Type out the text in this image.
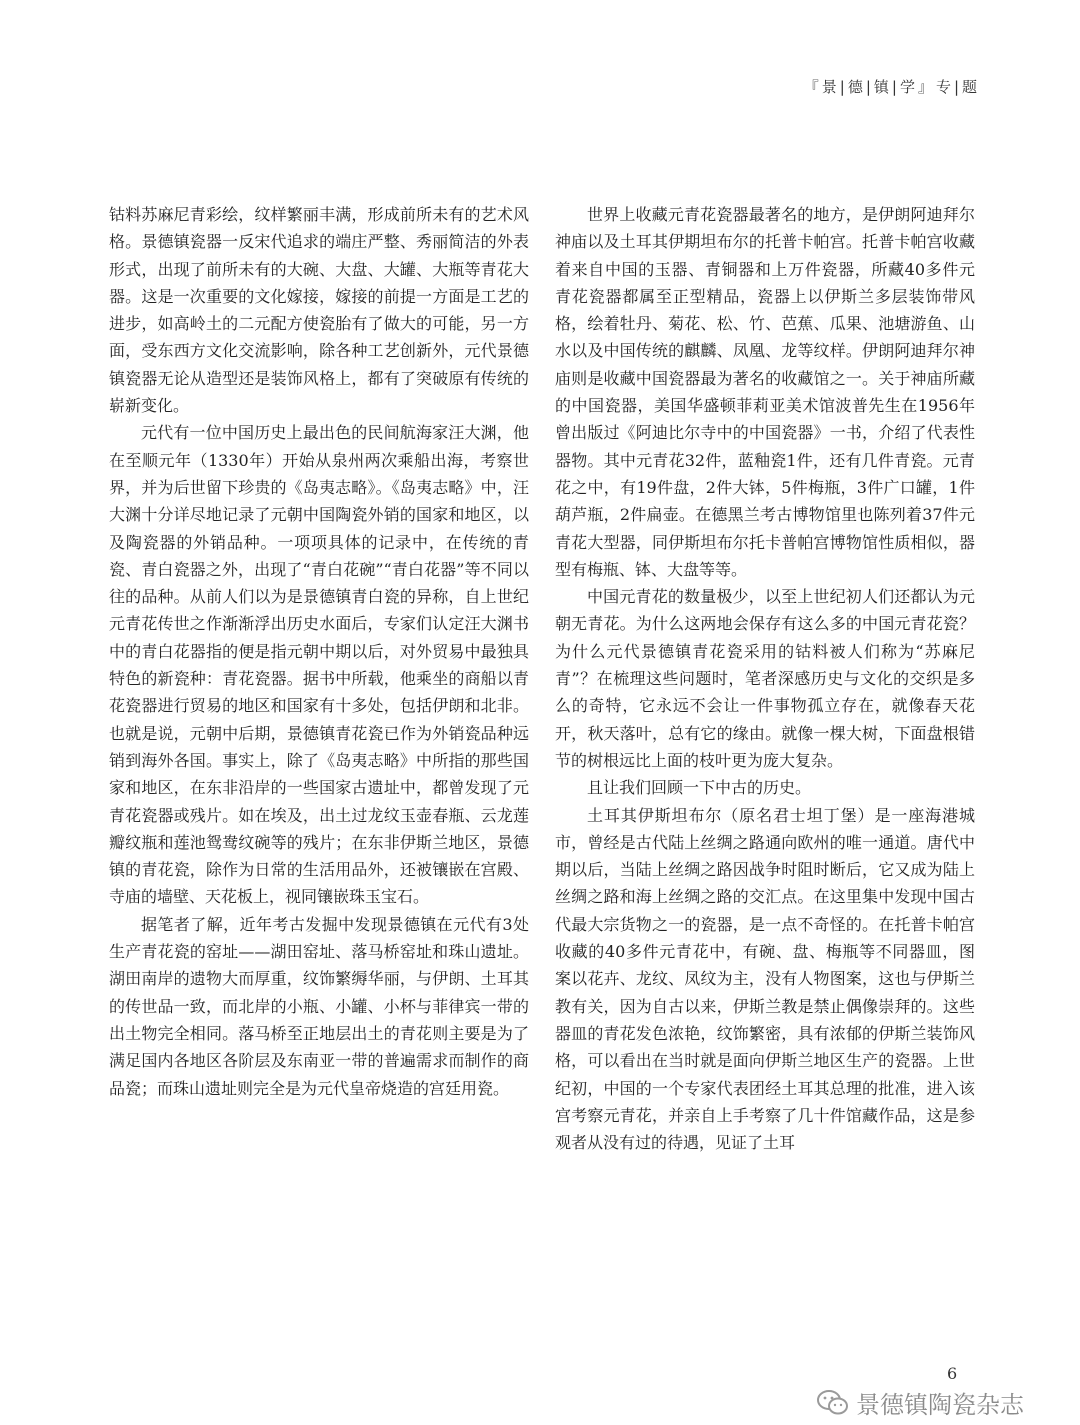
『景|德|镇|学』专|题

钴料苏麻尼青彩绘，纹样繁丽丰满，形成前所未有的艺术风格。景德镇瓷器一反宋代追求的端庄严整、秀丽简洁的外表形式，出现了前所未有的大碗、大盘、大罐、大瓶等青花大器。这是一次重要的文化嫁接，嫁接的前提一方面是工艺的进步，如高岭土的二元配方使瓷胎有了做大的可能，另一方面，受东西方文化交流影响，除各种工艺创新外，元代景德镇瓷器无论从造型还是装饰风格上，都有了突破原有传统的崭新变化。

元代有一位中国历史上最出色的民间航海家汪大渊，他在至顺元年（1330年）开始从泉州两次乘船出海，考察世界，并为后世留下珍贵的《岛夷志略》。《岛夷志略》中，汪大渊十分详尽地记录了元朝中国陶瓷外销的国家和地区，以及陶瓷器的外销品种。一项项具体的记录中，在传统的青瓷、青白瓷器之外，出现了“青白花碗”“青白花器”等不同以往的品种。从前人们以为是景德镇青白瓷的异称，自上世纪元青花传世之作渐渐浮出历史水面后，专家们认定汪大渊书中的青白花器指的便是指元朝中期以后，对外贸易中最独具特色的新瓷种：青花瓷器。据书中所载，他乘坐的商船以青花瓷器进行贸易的地区和国家有十多处，包括伊朗和北非。也就是说，元朝中后期，景德镇青花瓷已作为外销瓷品种远销到海外各国。事实上，除了《岛夷志略》中所指的那些国家和地区，在东非沿岸的一些国家古遗址中，都曾发现了元青花瓷器或残片。如在埃及，出土过龙纹玉壶春瓶、云龙莲瓣纹瓶和莲池鸳鸯纹碗等的残片；在东非伊斯兰地区，景德镇的青花瓷，除作为日常的生活用品外，还被镶嵌在宫殿、寺庙的墙壁、天花板上，视同镶嵌珠玉宝石。

据笔者了解，近年考古发掘中发现景德镇在元代有3处生产青花瓷的窑址——湖田窑址、落马桥窑址和珠山遗址。湖田南岸的遗物大而厚重，纹饰繁缛华丽，与伊朗、土耳其的传世品一致，而北岸的小瓶、小罐、小杯与菲律宾一带的出土物完全相同。落马桥至正地层出土的青花则主要是为了满足国内各地区各阶层及东南亚一带的普遍需求而制作的商品瓷；而珠山遗址则完全是为元代皇帝烧造的宫廷用瓷。

世界上收藏元青花瓷器最著名的地方，是伊朗阿迪拜尔神庙以及土耳其伊期坦布尔的托普卡帕宫。托普卡帕宫收藏着来自中国的玉器、青铜器和上万件瓷器，所藏40多件元青花瓷器都属至正型精品，瓷器上以伊斯兰多层装饰带风格，绘着牡丹、菊花、松、竹、芭蕉、瓜果、池塘游鱼、山水以及中国传统的麒麟、凤凰、龙等纹样。伊朗阿迪拜尔神庙则是收藏中国瓷器最为著名的收藏馆之一。关于神庙所藏的中国瓷器，美国华盛顿菲莉亚美术馆波普先生在1956年曾出版过《阿迪比尔寺中的中国瓷器》一书，介绍了代表性器物。其中元青花32件，蓝釉瓷1件，还有几件青瓷。元青花之中，有19件盘，2件大钵，5件梅瓶，3件广口罐，1件葫芦瓶，2件扁壶。在德黑兰考古博物馆里也陈列着37件元青花大型器，同伊斯坦布尔托卡普帕宫博物馆性质相似，器型有梅瓶、钵、大盘等等。

中国元青花的数量极少，以至上世纪初人们还都认为元朝无青花。为什么这两地会保存有这么多的中国元青花瓷？为什么元代景德镇青花瓷采用的钴料被人们称为“苏麻尼青”？在梳理这些问题时，笔者深感历史与文化的交织是多么的奇特，它永远不会让一件事物孤立存在，就像春天花开，秋天落叶，总有它的缘由。就像一棵大树，下面盘根错节的树根远比上面的枝叶更为庞大复杂。

且让我们回顾一下中古的历史。

土耳其伊斯坦布尔（原名君士坦丁堡）是一座海港城市，曾经是古代陆上丝绸之路通向欧州的唯一通道。唐代中期以后，当陆上丝绸之路因战争时阻时断后，它又成为陆上丝绸之路和海上丝绸之路的交汇点。在这里集中发现中国古代最大宗货物之一的瓷器，是一点不奇怪的。在托普卡帕宫收藏的40多件元青花中，有碗、盘、梅瓶等不同器皿，图案以花卉、龙纹、凤纹为主，没有人物图案，这也与伊斯兰教有关，因为自古以来，伊斯兰教是禁止偶像崇拜的。这些器皿的青花发色浓艳，纹饰繁密，具有浓郁的伊斯兰装饰风格，可以看出在当时就是面向伊斯兰地区生产的瓷器。上世纪初，中国的一个专家代表团经土耳其总理的批准，进入该宫考察元青花，并亲自上手考察了几十件馆藏作品，这是参观者从没有过的待遇，见证了土耳

6
景德镇陶瓷杂志
